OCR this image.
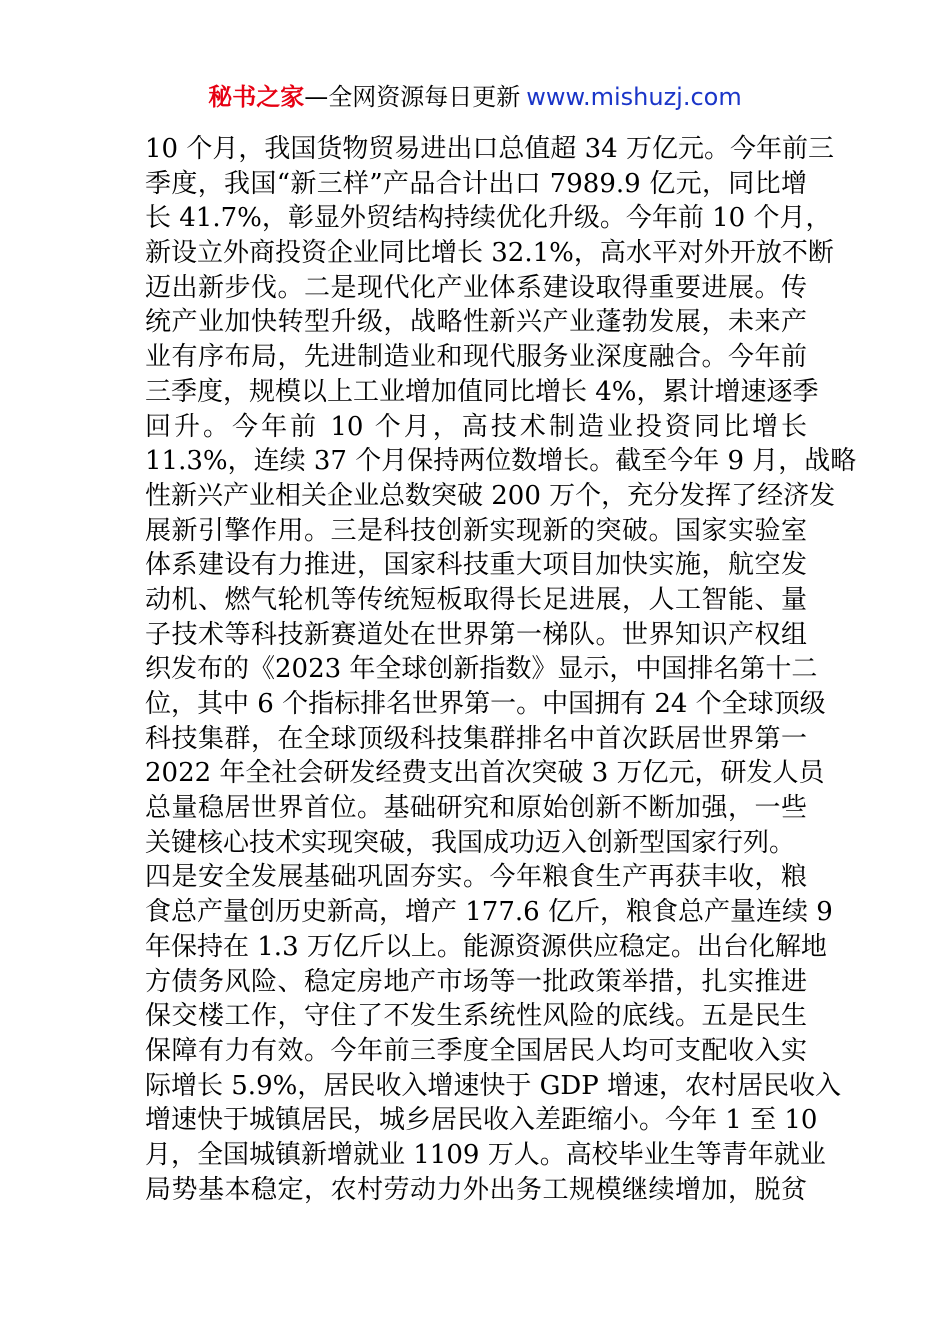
秘书之家—全网资源每日更新 www.mishuzj.com
10 个月，我国货物贸易进出口总值超 34 万亿元。今年前三
季度，我国“新三样”产品合计出口 7989.9 亿元，同比增
长 41.7%，彰显外贸结构持续优化升级。今年前 10 个月，
新设立外商投资企业同比增长 32.1%，高水平对外开放不断
迈出新步伐。二是现代化产业体系建设取得重要进展。传
统产业加快转型升级，战略性新兴产业蓬勃发展，未来产
业有序布局，先进制造业和现代服务业深度融合。今年前
三季度，规模以上工业增加值同比增长 4%，累计增速逐季
回升。今年前 10 个月，高技术制造业投资同比增长
11.3%，连续 37 个月保持两位数增长。截至今年 9 月，战略
性新兴产业相关企业总数突破 200 万个，充分发挥了经济发
展新引擎作用。三是科技创新实现新的突破。国家实验室
体系建设有力推进，国家科技重大项目加快实施，航空发
动机、燃气轮机等传统短板取得长足进展，人工智能、量
子技术等科技新赛道处在世界第一梯队。世界知识产权组
织发布的《2023 年全球创新指数》显示，中国排名第十二
位，其中 6 个指标排名世界第一。中国拥有 24 个全球顶级
科技集群，在全球顶级科技集群排名中首次跃居世界第一
2022 年全社会研发经费支出首次突破 3 万亿元，研发人员
总量稳居世界首位。基础研究和原始创新不断加强，一些
关键核心技术实现突破，我国成功迈入创新型国家行列。
四是安全发展基础巩固夯实。今年粮食生产再获丰收，粮
食总产量创历史新高，增产 177.6 亿斤，粮食总产量连续 9
年保持在 1.3 万亿斤以上。能源资源供应稳定。出台化解地
方债务风险、稳定房地产市场等一批政策举措，扎实推进
保交楼工作，守住了不发生系统性风险的底线。五是民生
保障有力有效。今年前三季度全国居民人均可支配收入实
际增长 5.9%，居民收入增速快于 GDP 增速，农村居民收入
增速快于城镇居民，城乡居民收入差距缩小。今年 1 至 10
月，全国城镇新增就业 1109 万人。高校毕业生等青年就业
局势基本稳定，农村劳动力外出务工规模继续增加，脱贫
